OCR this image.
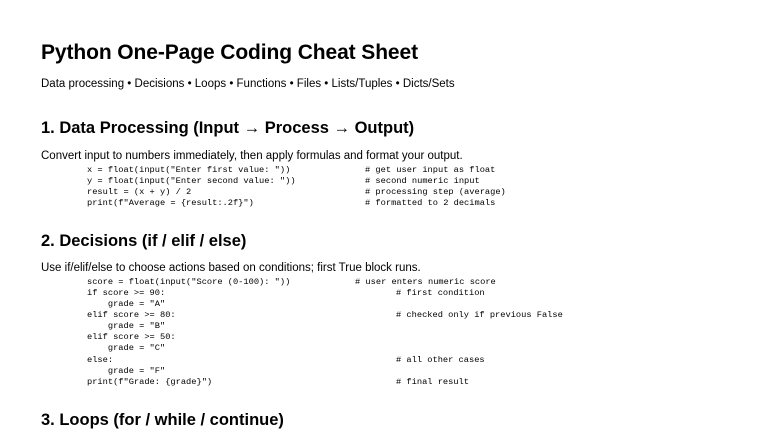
Python One-Page Coding Cheat Sheet
Data processing • Decisions • Loops • Functions • Files • Lists/Tuples • Dicts/Sets
1. Data Processing (Input → Process → Output)
Convert input to numbers immediately, then apply formulas and format your output.
x = float(input("Enter first value: "))	# get user input as float
y = float(input("Enter second value: "))	# second numeric input
result = (x + y) / 2	# processing step (average)
print(f"Average = {result:.2f}")	# formatted to 2 decimals
2. Decisions (if / elif / else)
Use if/elif/else to choose actions based on conditions; first True block runs.
score = float(input("Score (0-100): "))	# user enters numeric score
if score >= 90:	# first condition
grade = "A"
elif score >= 80:	# checked only if previous False
grade = "B"
elif score >= 50:
grade = "C"
else:	# all other cases
grade = "F"
print(f"Grade: {grade}")	# final result
3. Loops (for / while / continue)
